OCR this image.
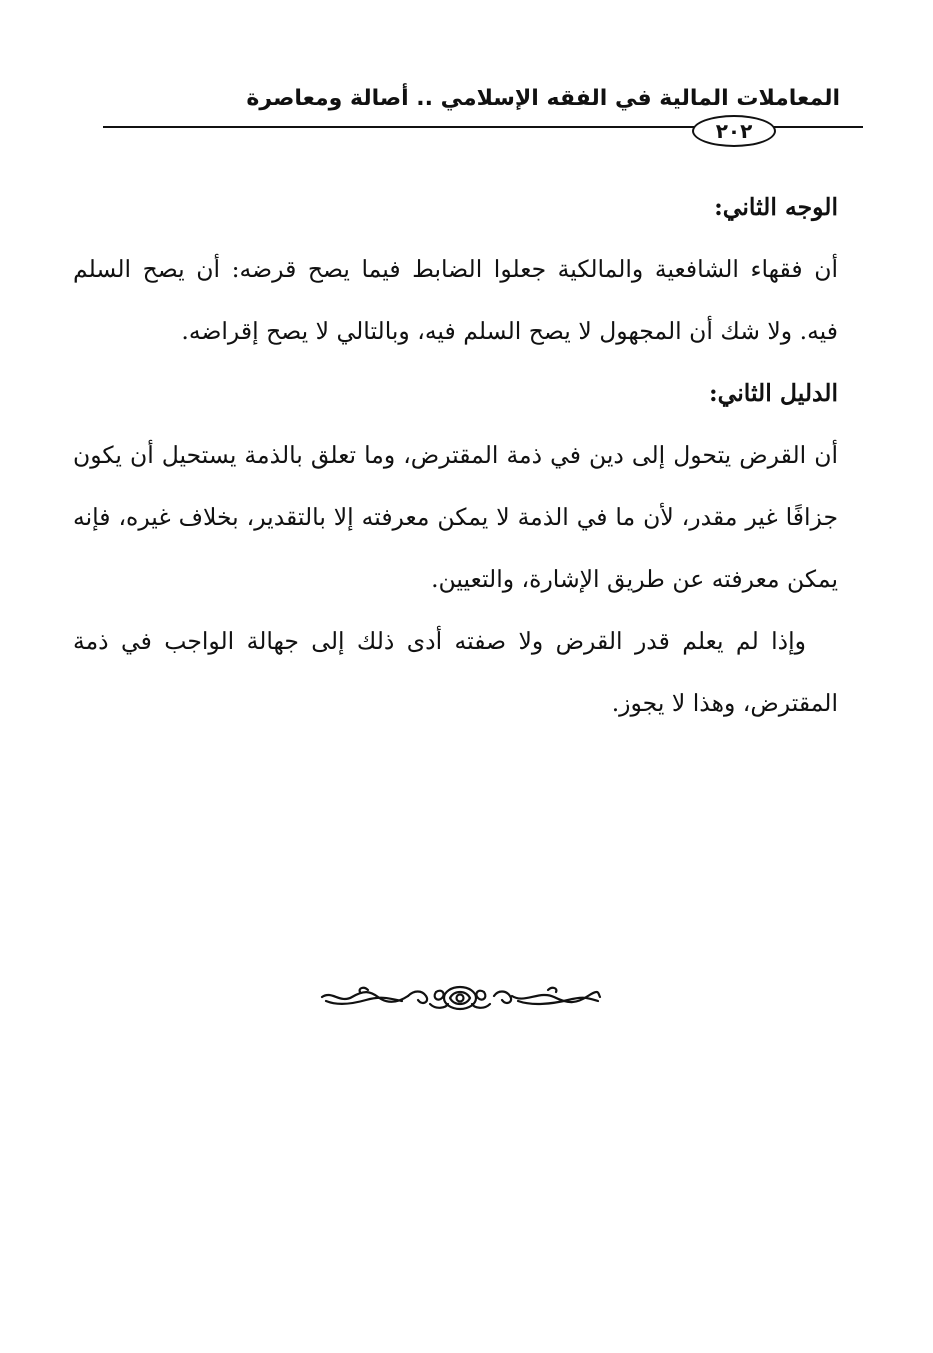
المعاملات المالية في الفقه الإسلامي .. أصالة ومعاصرة
٢٠٢

الوجه الثاني:

أن فقهاء الشافعية والمالكية جعلوا الضابط فيما يصح قرضه: أن يصح السلم فيه. ولا شك أن المجهول لا يصح السلم فيه، وبالتالي لا يصح إقراضه.

الدليل الثاني:

أن القرض يتحول إلى دين في ذمة المقترض، وما تعلق بالذمة يستحيل أن يكون جزافًا غير مقدر، لأن ما في الذمة لا يمكن معرفته إلا بالتقدير، بخلاف غيره، فإنه يمكن معرفته عن طريق الإشارة، والتعيين.

وإذا لم يعلم قدر القرض ولا صفته أدى ذلك إلى جهالة الواجب في ذمة المقترض، وهذا لا يجوز.
